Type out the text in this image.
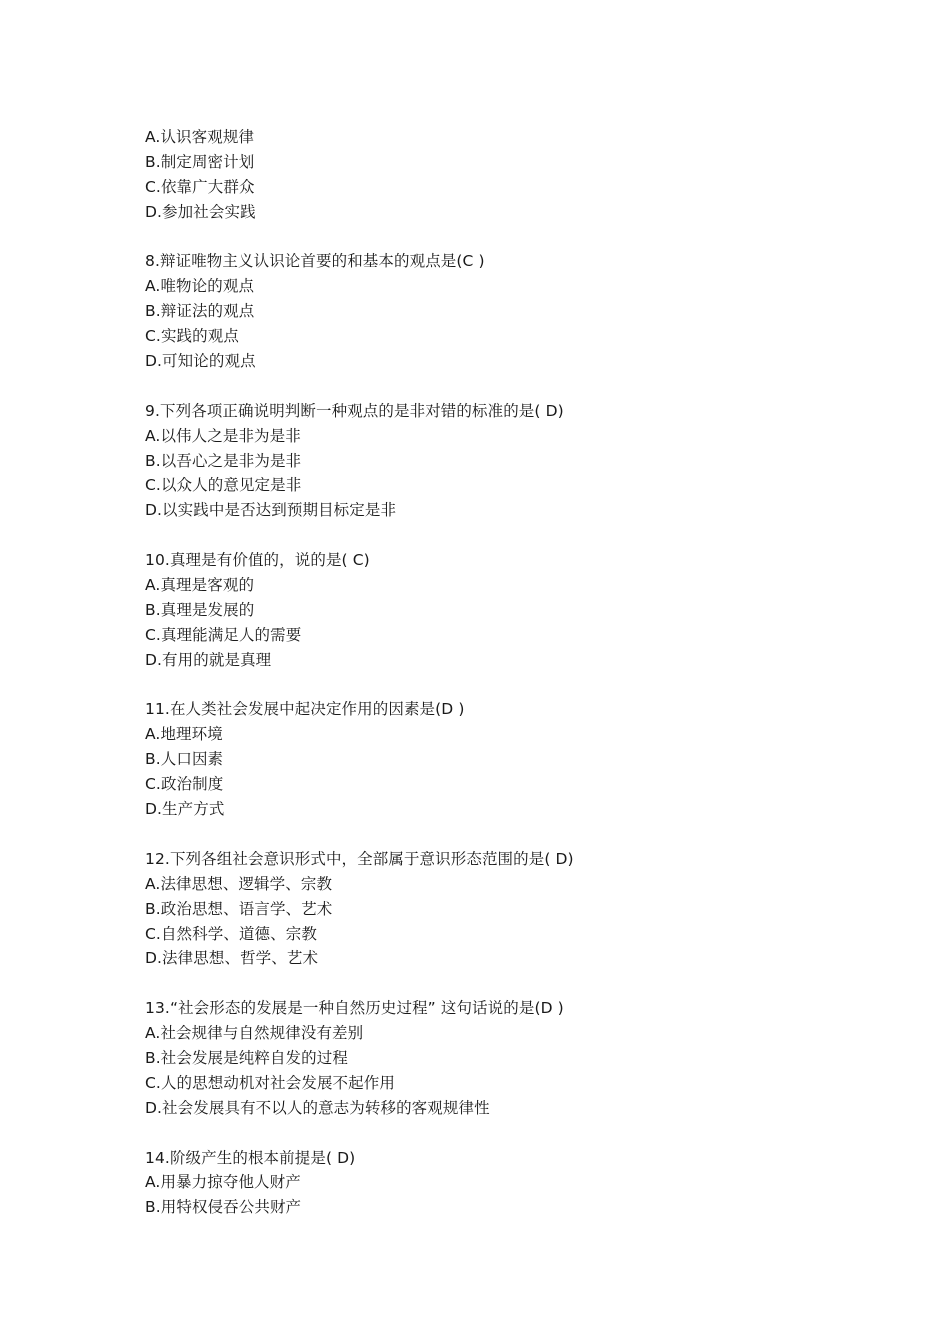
A.认识客观规律
B.制定周密计划
C.依靠广大群众
D.参加社会实践
8.辩证唯物主义认识论首要的和基本的观点是(C )
A.唯物论的观点
B.辩证法的观点
C.实践的观点
D.可知论的观点
9.下列各项正确说明判断一种观点的是非对错的标准的是( D)
A.以伟人之是非为是非
B.以吾心之是非为是非
C.以众人的意见定是非
D.以实践中是否达到预期目标定是非
10.真理是有价值的，说的是( C)
A.真理是客观的
B.真理是发展的
C.真理能满足人的需要
D.有用的就是真理
11.在人类社会发展中起决定作用的因素是(D )
A.地理环境
B.人口因素
C.政治制度
D.生产方式
12.下列各组社会意识形式中，全部属于意识形态范围的是( D)
A.法律思想、逻辑学、宗教
B.政治思想、语言学、艺术
C.自然科学、道德、宗教
D.法律思想、哲学、艺术
13.“社会形态的发展是一种自然历史过程” 这句话说的是(D )
A.社会规律与自然规律没有差别
B.社会发展是纯粹自发的过程
C.人的思想动机对社会发展不起作用
D.社会发展具有不以人的意志为转移的客观规律性
14.阶级产生的根本前提是( D)
A.用暴力掠夺他人财产
B.用特权侵吞公共财产
